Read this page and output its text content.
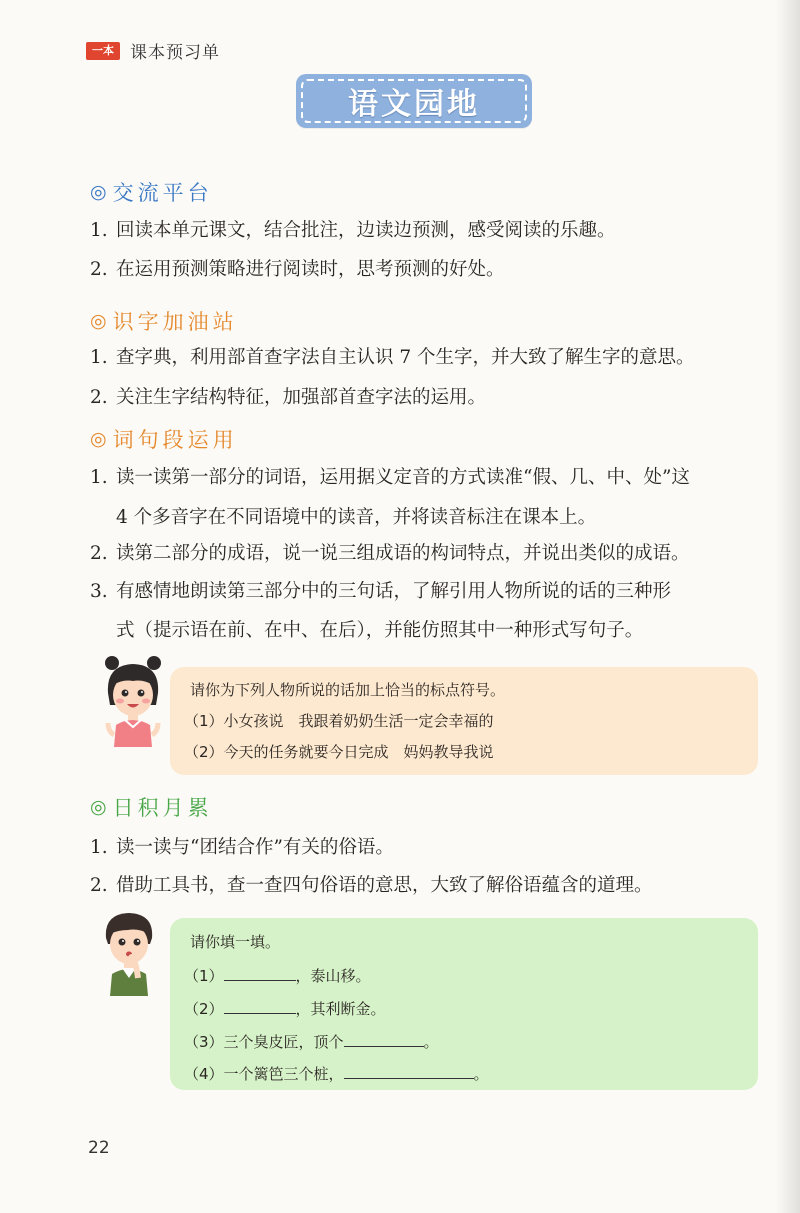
一本 课本预习单
语文园地
◎ 交流平台
1. 回读本单元课文，结合批注，边读边预测，感受阅读的乐趣。
2. 在运用预测策略进行阅读时，思考预测的好处。
◎ 识字加油站
1. 查字典，利用部首查字法自主认识 7 个生字，并大致了解生字的意思。
2. 关注生字结构特征，加强部首查字法的运用。
◎ 词句段运用
1. 读一读第一部分的词语，运用据义定音的方式读准“假、几、中、处”这
4 个多音字在不同语境中的读音，并将读音标注在课本上。
2. 读第二部分的成语，说一说三组成语的构词特点，并说出类似的成语。
3. 有感情地朗读第三部分中的三句话，了解引用人物所说的话的三种形
式（提示语在前、在中、在后），并能仿照其中一种形式写句子。
请你为下列人物所说的话加上恰当的标点符号。
（1）小女孩说　我跟着奶奶生活一定会幸福的
（2）今天的任务就要今日完成　妈妈教导我说
◎ 日积月累
1. 读一读与“团结合作”有关的俗语。
2. 借助工具书，查一查四句俗语的意思，大致了解俗语蕴含的道理。
请你填一填。
（1）	，泰山移。
（2）	，其利断金。
（3）三个臭皮匠，顶个	。
（4）一个篱笆三个桩，	。
22
